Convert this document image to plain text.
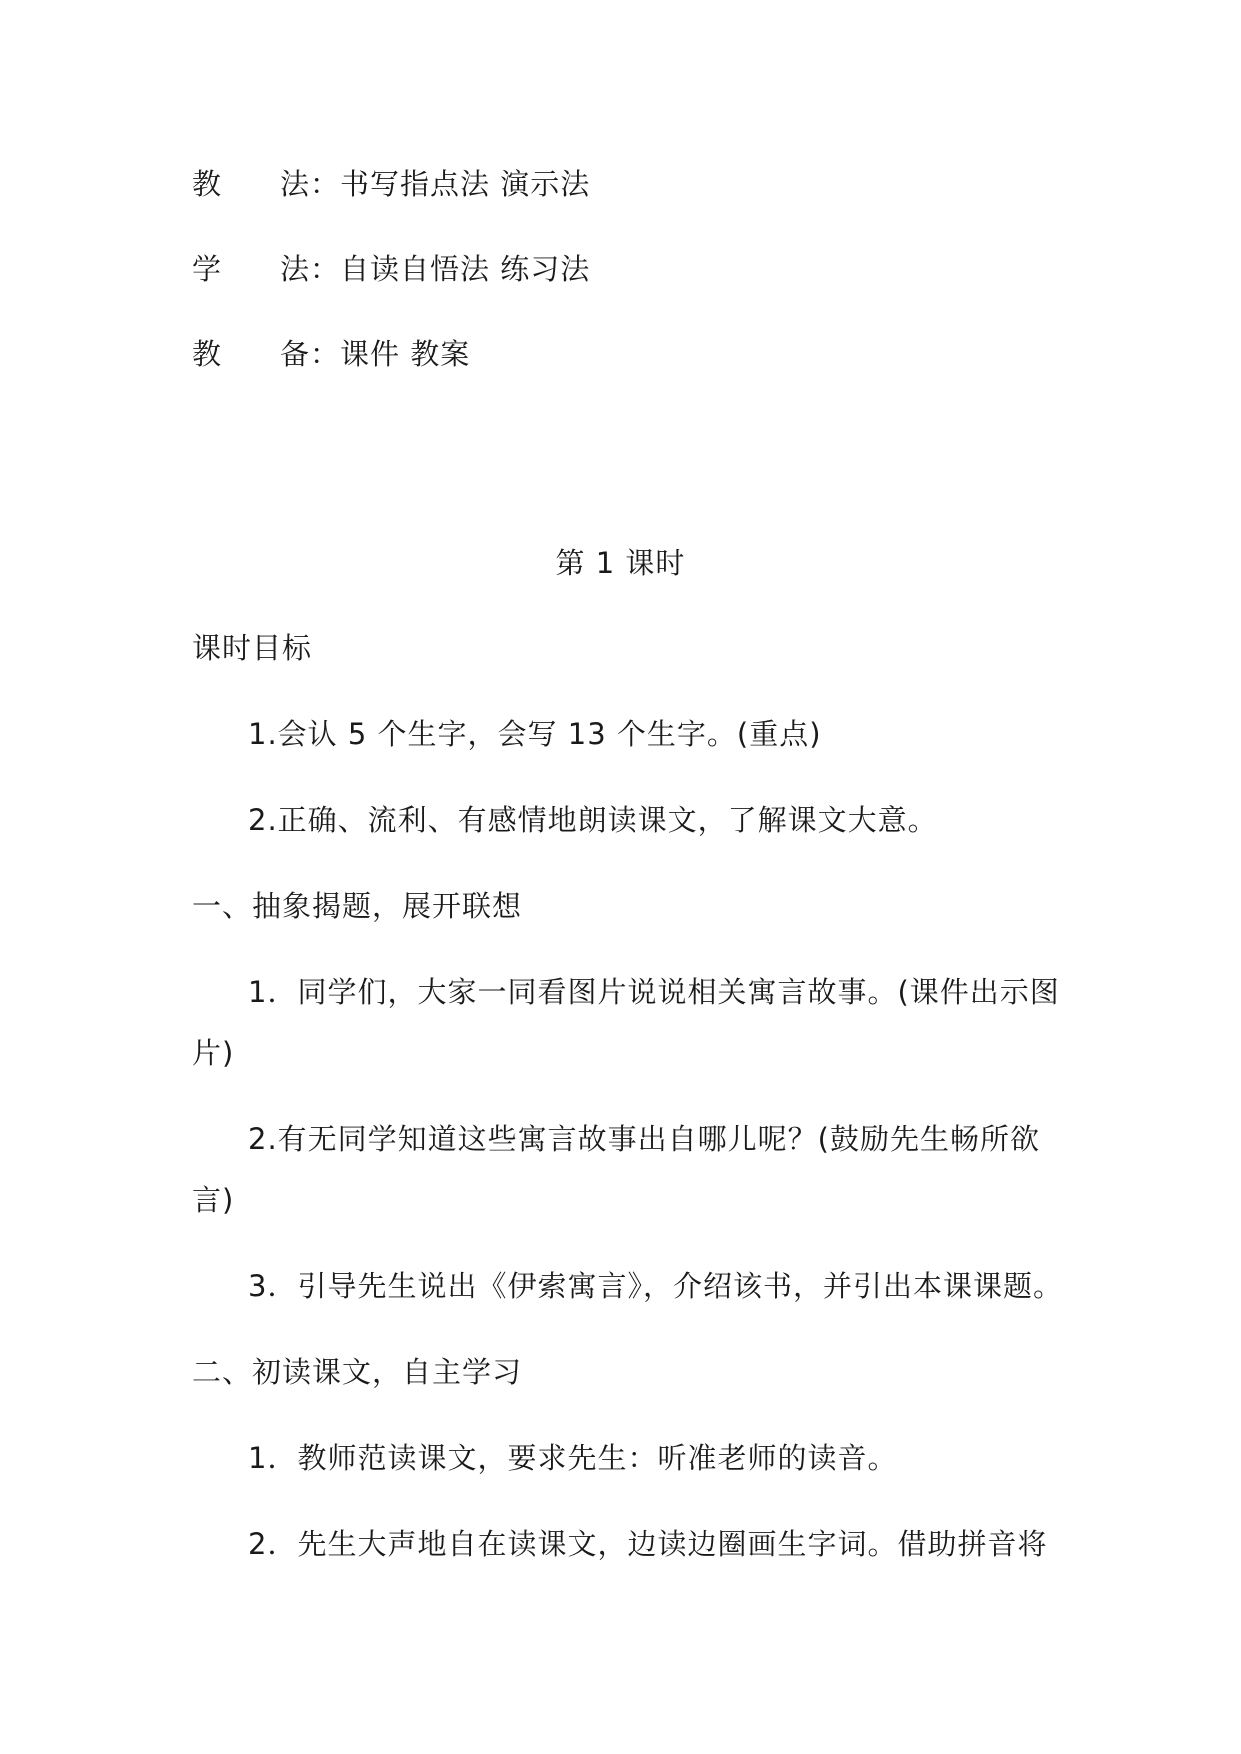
教 法：书写指点法 演示法
学 法：自读自悟法 练习法
教 备：课件 教案
第 1 课时
课时目标
1.会认 5 个生字，会写 13 个生字。(重点)
2.正确、流利、有感情地朗读课文，了解课文大意。
一、抽象揭题，展开联想
1．同学们，大家一同看图片说说相关寓言故事。(课件出示图
片)
2.有无同学知道这些寓言故事出自哪儿呢？(鼓励先生畅所欲
言)
3．引导先生说出《伊索寓言》，介绍该书，并引出本课课题。
二、初读课文，自主学习
1．教师范读课文，要求先生：听准老师的读音。
2．先生大声地自在读课文，边读边圈画生字词。借助拼音将
